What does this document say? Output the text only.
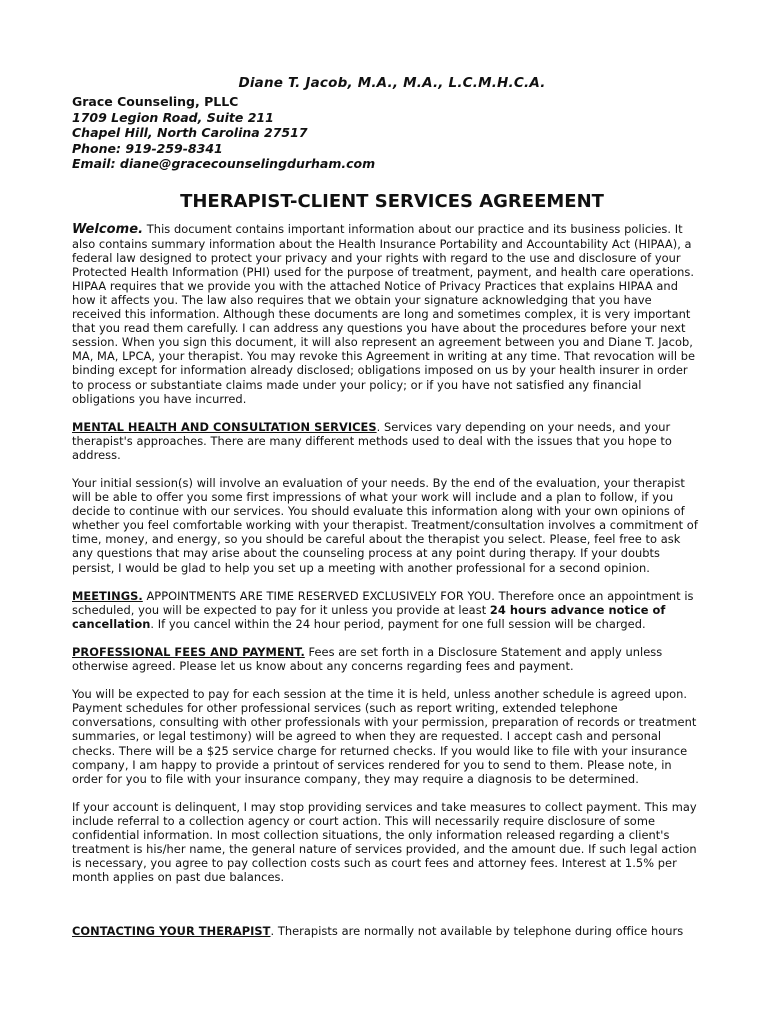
Diane T. Jacob, M.A., M.A., L.C.M.H.C.A.
Grace Counseling, PLLC
1709 Legion Road, Suite 211
Chapel Hill, North Carolina 27517
Phone: 919-259-8341
Email: diane@gracecounselingdurham.com
THERAPIST-CLIENT SERVICES AGREEMENT

Welcome. This document contains important information about our practice and its business policies. It also contains summary information about the Health Insurance Portability and Accountability Act (HIPAA), a federal law designed to protect your privacy and your rights with regard to the use and disclosure of your Protected Health Information (PHI) used for the purpose of treatment, payment, and health care operations. HIPAA requires that we provide you with the attached Notice of Privacy Practices that explains HIPAA and how it affects you. The law also requires that we obtain your signature acknowledging that you have received this information. Although these documents are long and sometimes complex, it is very important that you read them carefully. I can address any questions you have about the procedures before your next session. When you sign this document, it will also represent an agreement between you and Diane T. Jacob, MA, MA, LPCA, your therapist. You may revoke this Agreement in writing at any time. That revocation will be binding except for information already disclosed; obligations imposed on us by your health insurer in order to process or substantiate claims made under your policy; or if you have not satisfied any financial obligations you have incurred.

MENTAL HEALTH AND CONSULTATION SERVICES. Services vary depending on your needs, and your therapist's approaches. There are many different methods used to deal with the issues that you hope to address.

Your initial session(s) will involve an evaluation of your needs. By the end of the evaluation, your therapist will be able to offer you some first impressions of what your work will include and a plan to follow, if you decide to continue with our services. You should evaluate this information along with your own opinions of whether you feel comfortable working with your therapist. Treatment/consultation involves a commitment of time, money, and energy, so you should be careful about the therapist you select. Please, feel free to ask any questions that may arise about the counseling process at any point during therapy. If your doubts persist, I would be glad to help you set up a meeting with another professional for a second opinion.

MEETINGS. APPOINTMENTS ARE TIME RESERVED EXCLUSIVELY FOR YOU. Therefore once an appointment is scheduled, you will be expected to pay for it unless you provide at least 24 hours advance notice of cancellation. If you cancel within the 24 hour period, payment for one full session will be charged.

PROFESSIONAL FEES AND PAYMENT. Fees are set forth in a Disclosure Statement and apply unless otherwise agreed. Please let us know about any concerns regarding fees and payment.

You will be expected to pay for each session at the time it is held, unless another schedule is agreed upon. Payment schedules for other professional services (such as report writing, extended telephone conversations, consulting with other professionals with your permission, preparation of records or treatment summaries, or legal testimony) will be agreed to when they are requested. I accept cash and personal checks. There will be a $25 service charge for returned checks. If you would like to file with your insurance company, I am happy to provide a printout of services rendered for you to send to them. Please note, in order for you to file with your insurance company, they may require a diagnosis to be determined.

If your account is delinquent, I may stop providing services and take measures to collect payment. This may include referral to a collection agency or court action. This will necessarily require disclosure of some confidential information. In most collection situations, the only information released regarding a client's treatment is his/her name, the general nature of services provided, and the amount due. If such legal action is necessary, you agree to pay collection costs such as court fees and attorney fees. Interest at 1.5% per month applies on past due balances.

CONTACTING YOUR THERAPIST. Therapists are normally not available by telephone during office hours
